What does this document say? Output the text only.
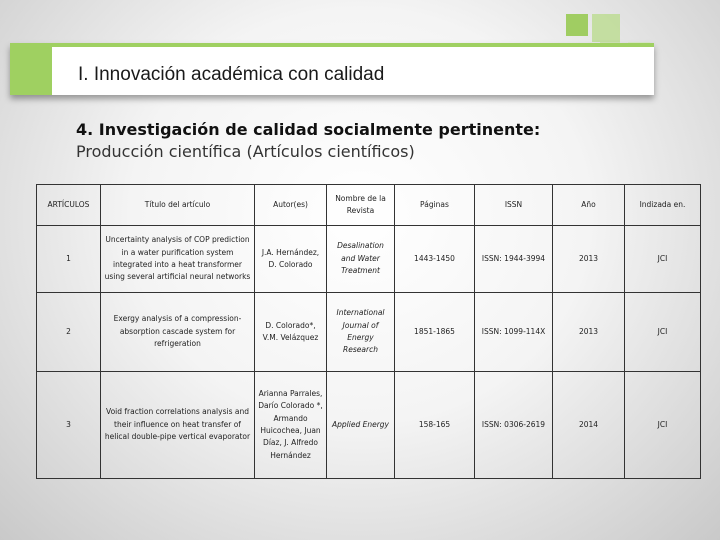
I. Innovación académica con calidad
4. Investigación de calidad socialmente pertinente:
Producción científica (Artículos científicos)
ARTÍCULOS	Título del artículo	Autor(es)	Nombre de la Revista	Páginas	ISSN	Año	Indizada en.
1	Uncertainty analysis of COP prediction in a water purification system integrated into a heat transformer using several artificial neural networks	J.A. Hernández, D. Colorado	Desalination and Water Treatment	1443-1450	ISSN: 1944-3994	2013	JCI
2	Exergy analysis of a compression-absorption cascade system for refrigeration	D. Colorado*, V.M. Velázquez	International Journal of Energy Research	1851-1865	ISSN: 1099-114X	2013	JCI
3	Void fraction correlations analysis and their influence on heat transfer of helical double-pipe vertical evaporator	Arianna Parrales, Darío Colorado *, Armando Huicochea, Juan Díaz, J. Alfredo Hernández	Applied Energy	158-165	ISSN: 0306-2619	2014	JCI
